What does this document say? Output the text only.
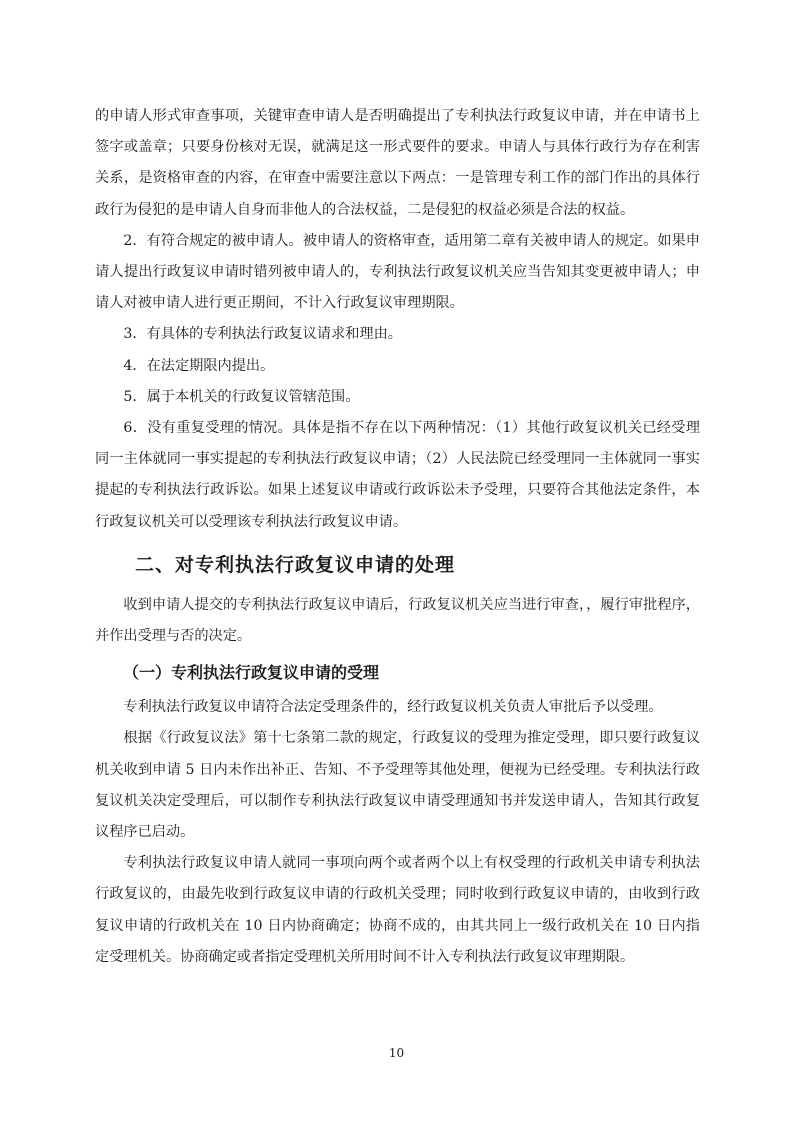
的申请人形式审查事项，关键审查申请人是否明确提出了专利执法行政复议申请，并在申请书上签字或盖章；只要身份核对无误，就满足这一形式要件的要求。申请人与具体行政行为存在利害关系，是资格审查的内容，在审查中需要注意以下两点：一是管理专利工作的部门作出的具体行政行为侵犯的是申请人自身而非他人的合法权益，二是侵犯的权益必须是合法的权益。

2．有符合规定的被申请人。被申请人的资格审查，适用第二章有关被申请人的规定。如果申请人提出行政复议申请时错列被申请人的，专利执法行政复议机关应当告知其变更被申请人；申请人对被申请人进行更正期间，不计入行政复议审理期限。

3．有具体的专利执法行政复议请求和理由。

4．在法定期限内提出。

5．属于本机关的行政复议管辖范围。

6．没有重复受理的情况。具体是指不存在以下两种情况：（1）其他行政复议机关已经受理同一主体就同一事实提起的专利执法行政复议申请；（2）人民法院已经受理同一主体就同一事实提起的专利执法行政诉讼。如果上述复议申请或行政诉讼未予受理，只要符合其他法定条件，本行政复议机关可以受理该专利执法行政复议申请。

二、对专利执法行政复议申请的处理

收到申请人提交的专利执法行政复议申请后，行政复议机关应当进行审查，，履行审批程序，并作出受理与否的决定。

（一）专利执法行政复议申请的受理

专利执法行政复议申请符合法定受理条件的，经行政复议机关负责人审批后予以受理。

根据《行政复议法》第十七条第二款的规定，行政复议的受理为推定受理，即只要行政复议机关收到申请 5 日内未作出补正、告知、不予受理等其他处理，便视为已经受理。专利执法行政复议机关决定受理后，可以制作专利执法行政复议申请受理通知书并发送申请人，告知其行政复议程序已启动。

专利执法行政复议申请人就同一事项向两个或者两个以上有权受理的行政机关申请专利执法行政复议的，由最先收到行政复议申请的行政机关受理；同时收到行政复议申请的，由收到行政复议申请的行政机关在 10 日内协商确定；协商不成的，由其共同上一级行政机关在 10 日内指定受理机关。协商确定或者指定受理机关所用时间不计入专利执法行政复议审理期限。

10
